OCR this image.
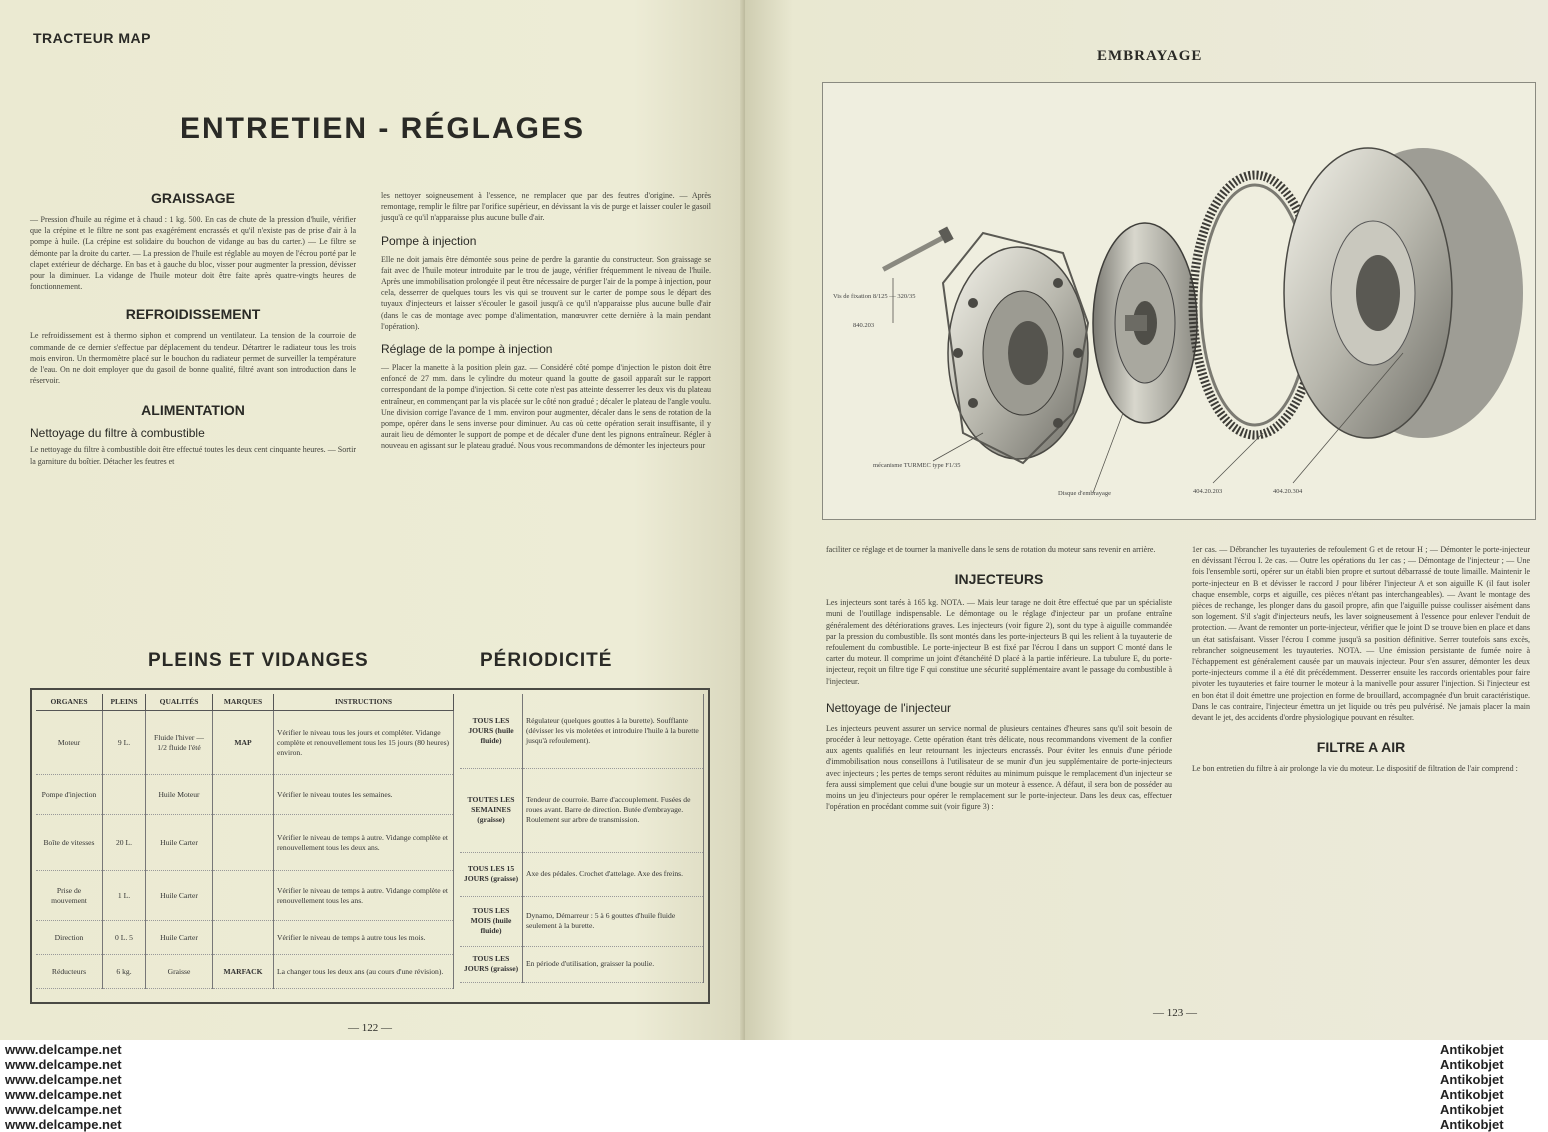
TRACTEUR MAP
ENTRETIEN - RÉGLAGES
GRAISSAGE
— Pression d'huile au régime et à chaud : 1 kg. 500. En cas de chute de la pression d'huile, vérifier que la crépine et le filtre ne sont pas exagérément encrassés et qu'il n'existe pas de prise d'air à la pompe à huile. (La crépine est solidaire du bouchon de vidange au bas du carter.) — Le filtre se démonte par la droite du carter. — La pression de l'huile est réglable au moyen de l'écrou porté par le clapet extérieur de décharge. En bas et à gauche du bloc, visser pour augmenter la pression, dévisser pour la diminuer. La vidange de l'huile moteur doit être faite après quatre-vingts heures de fonctionnement.
REFROIDISSEMENT
Le refroidissement est à thermo siphon et comprend un ventilateur. La tension de la courroie de commande de ce dernier s'effectue par déplacement du tendeur. Détartrer le radiateur tous les trois mois environ. Un thermomètre placé sur le bouchon du radiateur permet de surveiller la température de l'eau. On ne doit employer que du gasoil de bonne qualité, filtré avant son introduction dans le réservoir.
ALIMENTATION
Nettoyage du filtre à combustible
Le nettoyage du filtre à combustible doit être effectué toutes les deux cent cinquante heures. — Sortir la garniture du boîtier. Détacher les feutres et
les nettoyer soigneusement à l'essence, ne remplacer que par des feutres d'origine. — Après remontage, remplir le filtre par l'orifice supérieur, en dévissant la vis de purge et laisser couler le gasoil jusqu'à ce qu'il n'apparaisse plus aucune bulle d'air.
Pompe à injection
Elle ne doit jamais être démontée sous peine de perdre la garantie du constructeur. Son graissage se fait avec de l'huile moteur introduite par le trou de jauge, vérifier fréquemment le niveau de l'huile. Après une immobilisation prolongée il peut être nécessaire de purger l'air de la pompe à injection, pour cela, desserrer de quelques tours les vis qui se trouvent sur le carter de pompe sous le départ des tuyaux d'injecteurs et laisser s'écouler le gasoil jusqu'à ce qu'il n'apparaisse plus aucune bulle d'air (dans le cas de montage avec pompe d'alimentation, manœuvrer cette dernière à la main pendant l'opération).
Réglage de la pompe à injection
— Placer la manette à la position plein gaz. — Considéré côté pompe d'injection le piston doit être enfoncé de 27 mm. dans le cylindre du moteur quand la goutte de gasoil apparaît sur le rapport correspondant de la pompe d'injection. Si cette cote n'est pas atteinte desserrer les deux vis du plateau entraîneur, en commençant par la vis placée sur le côté non gradué ; décaler le plateau de l'angle voulu. Une division corrige l'avance de 1 mm. environ pour augmenter, décaler dans le sens de rotation de la pompe, opérer dans le sens inverse pour diminuer. Au cas où cette opération serait insuffisante, il y aurait lieu de démonter le support de pompe et de décaler d'une dent les pignons entraîneur. Régler à nouveau en agissant sur le plateau gradué. Nous vous recommandons de démonter les injecteurs pour
PLEINS ET VIDANGES	PÉRIODICITÉ
ORGANES	PLEINS	QUALITÉS	MARQUES	INSTRUCTIONS
Moteur	9 L.	Fluide l'hiver — 1/2 fluide l'été	MAP	Vérifier le niveau tous les jours et compléter. Vidange complète et renouvellement tous les 15 jours (80 heures) environ.
Pompe d'injection		Huile Moteur		Vérifier le niveau toutes les semaines.
Boîte de vitesses	20 L.	Huile Carter		Vérifier le niveau de temps à autre. Vidange complète et renouvellement tous les deux ans.
Prise de mouvement	1 L.	Huile Carter		Vérifier le niveau de temps à autre. Vidange complète et renouvellement tous les ans.
Direction	0 L. 5	Huile Carter		Vérifier le niveau de temps à autre tous les mois.
Réducteurs	6 kg.	Graisse	MARFACK	La changer tous les deux ans (au cours d'une révision).
TOUS LES JOURS (huile fluide)	Régulateur (quelques gouttes à la burette). Soufflante (dévisser les vis moletées et introduire l'huile à la burette jusqu'à refoulement).
TOUTES LES SEMAINES (graisse)	Tendeur de courroie. Barre d'accouplement. Fusées de roues avant. Barre de direction. Butée d'embrayage. Roulement sur arbre de transmission.
TOUS LES 15 JOURS (graisse)	Axe des pédales. Crochet d'attelage. Axe des freins.
TOUS LES MOIS (huile fluide)	Dynamo, Démarreur : 5 à 6 gouttes d'huile fluide seulement à la burette.
TOUS LES JOURS (graisse)	En période d'utilisation, graisser la poulie.
— 122 —
EMBRAYAGE
— 123 —
Vis de fixation 8/125 — 320/35
840.203
mécanisme TURMEC type F1/35
Disque d'embrayage	404.20.203	404.20.304
faciliter ce réglage et de tourner la manivelle dans le sens de rotation du moteur sans revenir en arrière.
INJECTEURS
Les injecteurs sont tarés à 165 kg. NOTA. — Mais leur tarage ne doit être effectué que par un spécialiste muni de l'outillage indispensable. Le démontage ou le réglage d'injecteur par un profane entraîne généralement des détériorations graves. Les injecteurs (voir figure 2), sont du type à aiguille commandée par la pression du combustible. Ils sont montés dans les porte-injecteurs B qui les relient à la tuyauterie de refoulement du combustible. Le porte-injecteur B est fixé par l'écrou I dans un support C monté dans le carter du moteur. Il comprime un joint d'étanchéité D placé à la partie inférieure. La tubulure E, du porte-injecteur, reçoit un filtre tige F qui constitue une sécurité supplémentaire avant le passage du combustible à l'injecteur.
Nettoyage de l'injecteur
Les injecteurs peuvent assurer un service normal de plusieurs centaines d'heures sans qu'il soit besoin de procéder à leur nettoyage. Cette opération étant très délicate, nous recommandons vivement de la confier aux agents qualifiés en leur retournant les injecteurs encrassés. Pour éviter les ennuis d'une période d'immobilisation nous conseillons à l'utilisateur de se munir d'un jeu supplémentaire de porte-injecteurs avec injecteurs ; les pertes de temps seront réduites au minimum puisque le remplacement d'un injecteur se fera aussi simplement que celui d'une bougie sur un moteur à essence. A défaut, il sera bon de posséder au moins un jeu d'injecteurs pour opérer le remplacement sur le porte-injecteur. Dans les deux cas, effectuer l'opération en procédant comme suit (voir figure 3) :
1er cas. — Débrancher les tuyauteries de refoulement G et de retour H ; — Démonter le porte-injecteur en dévissant l'écrou I. 2e cas. — Outre les opérations du 1er cas ; — Démontage de l'injecteur ; — Une fois l'ensemble sorti, opérer sur un établi bien propre et surtout débarrassé de toute limaille. Maintenir le porte-injecteur en B et dévisser le raccord J pour libérer l'injecteur A et son aiguille K (il faut isoler chaque ensemble, corps et aiguille, ces pièces n'étant pas interchangeables). — Avant le montage des pièces de rechange, les plonger dans du gasoil propre, afin que l'aiguille puisse coulisser aisément dans son logement. S'il s'agit d'injecteurs neufs, les laver soigneusement à l'essence pour enlever l'enduit de protection. — Avant de remonter un porte-injecteur, vérifier que le joint D se trouve bien en place et dans un état satisfaisant. Visser l'écrou I comme jusqu'à sa position définitive. Serrer toutefois sans excès, rebrancher soigneusement les tuyauteries. NOTA. — Une émission persistante de fumée noire à l'échappement est généralement causée par un mauvais injecteur. Pour s'en assurer, démonter les deux porte-injecteurs comme il a été dit précédemment. Desserrer ensuite les raccords orientables pour faire pivoter les tuyauteries et faire tourner le moteur à la manivelle pour assurer l'injection. Si l'injecteur est en bon état il doit émettre une projection en forme de brouillard, accompagnée d'un bruit caractéristique. Dans le cas contraire, l'injecteur émettra un jet liquide ou très peu pulvérisé. Ne jamais placer la main devant le jet, des accidents d'ordre physiologique pouvant en résulter.
FILTRE A AIR
Le bon entretien du filtre à air prolonge la vie du moteur. Le dispositif de filtration de l'air comprend :
www.delcampe.net
www.delcampe.net
www.delcampe.net
www.delcampe.net
www.delcampe.net
www.delcampe.net
Antikobjet
Antikobjet
Antikobjet
Antikobjet
Antikobjet
Antikobjet
